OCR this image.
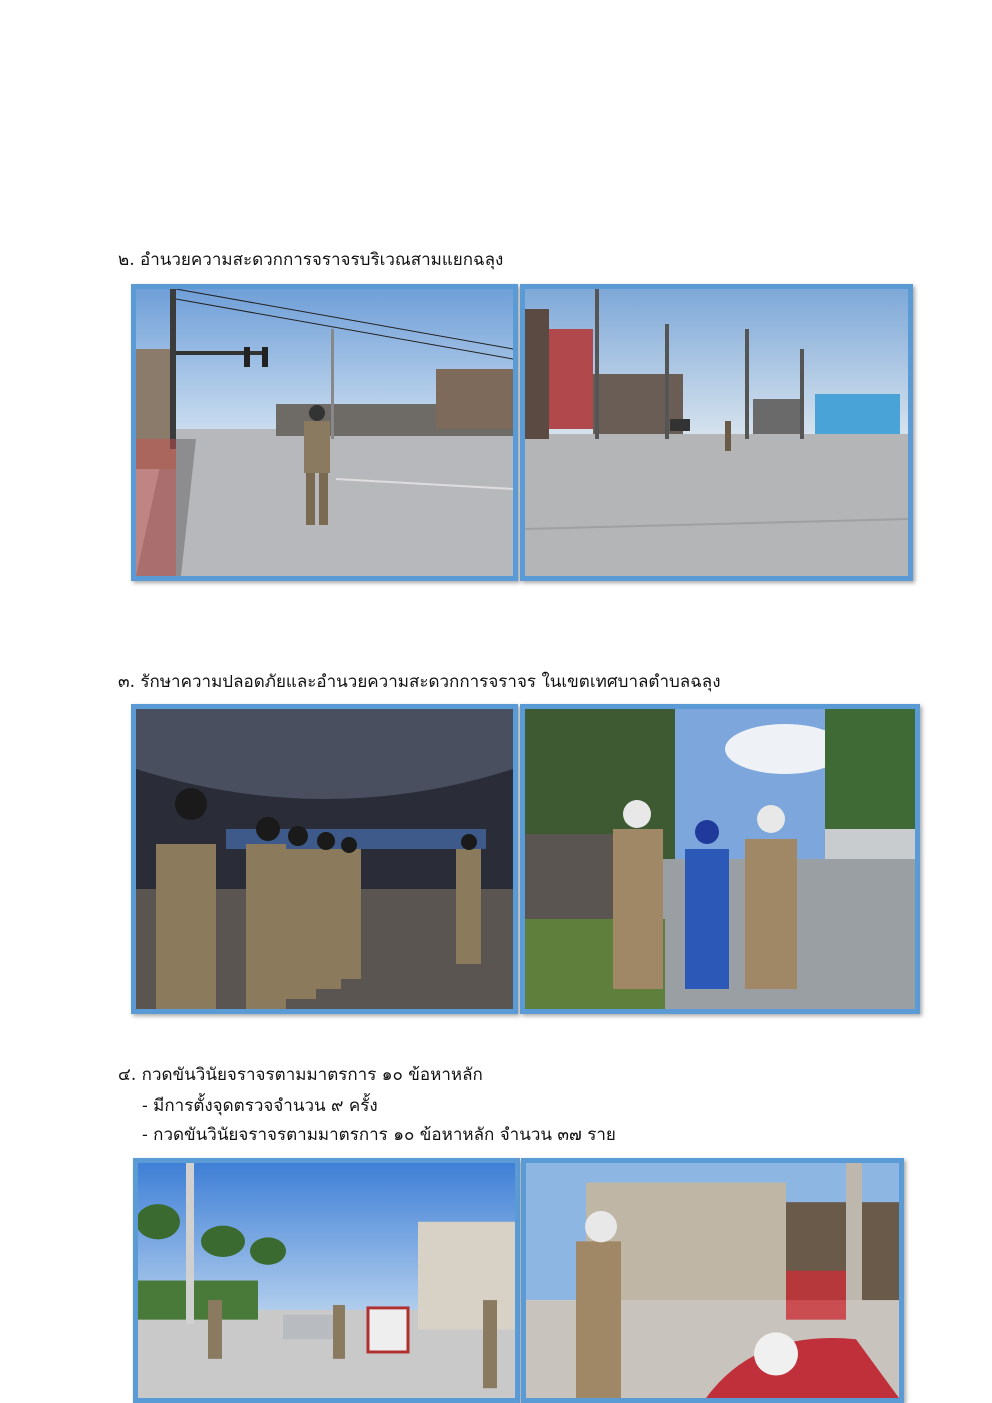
๒. อำนวยความสะดวกการจราจรบริเวณสามแยกฉลุง
๓. รักษาความปลอดภัยและอำนวยความสะดวกการจราจร ในเขตเทศบาลตำบลฉลุง
๔. กวดขันวินัยจราจรตามมาตรการ ๑๐ ข้อหาหลัก
- มีการตั้งจุดตรวจจำนวน ๙ ครั้ง
- กวดขันวินัยจราจรตามมาตรการ ๑๐ ข้อหาหลัก จำนวน ๓๗ ราย
